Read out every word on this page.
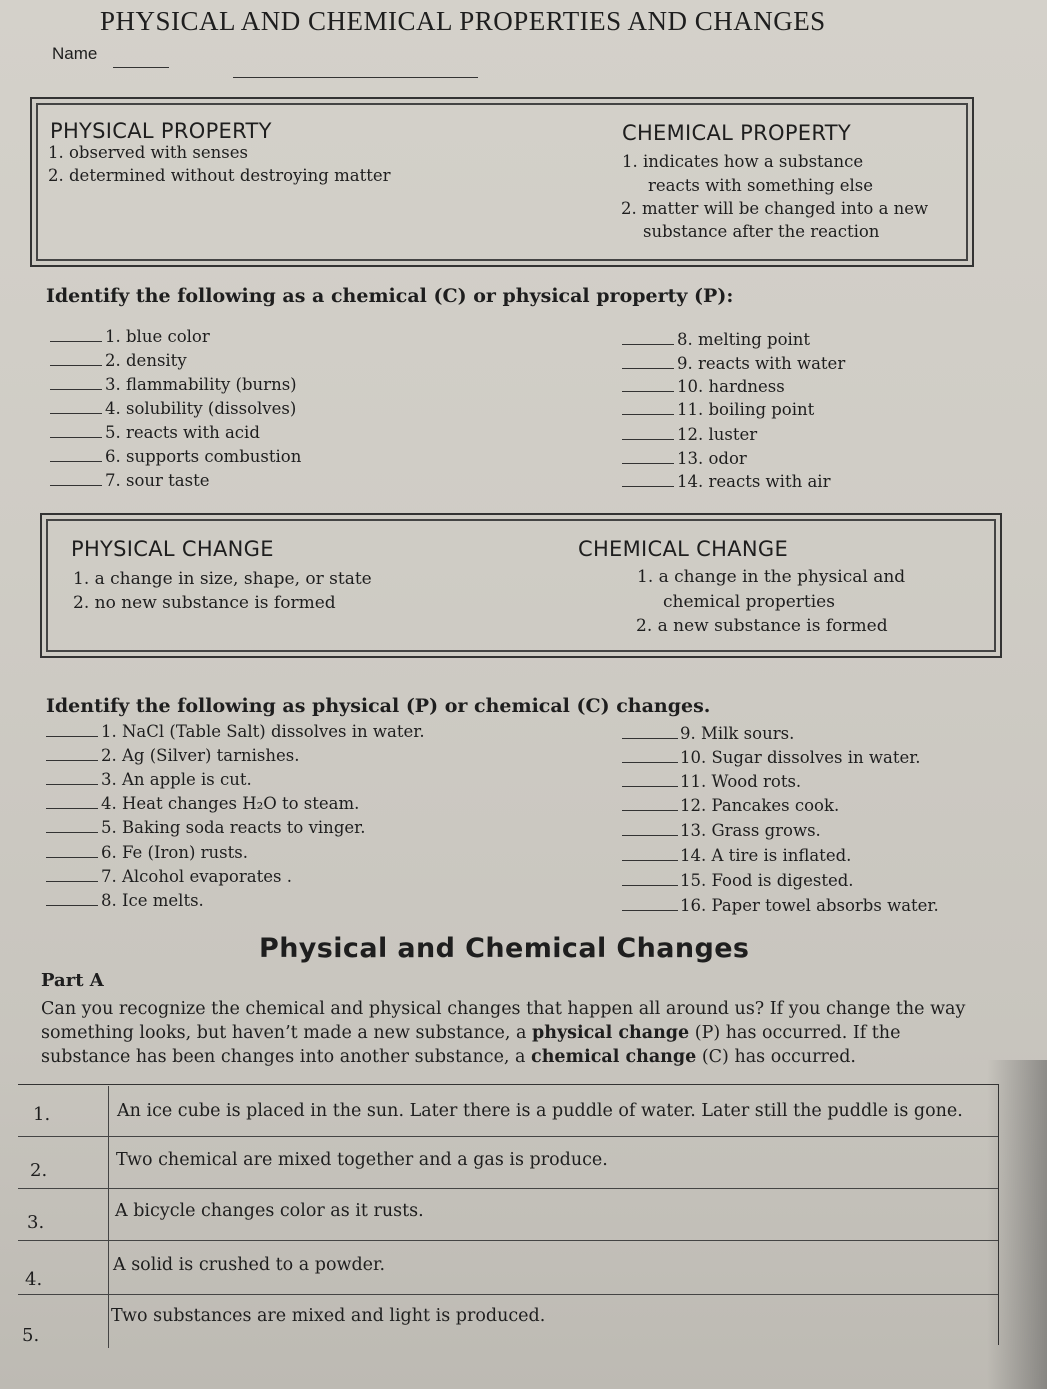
PHYSICAL AND CHEMICAL PROPERTIES AND CHANGES
Name
PHYSICAL PROPERTY
1. observed with senses
2. determined without destroying matter
CHEMICAL PROPERTY
1. indicates how a substance
reacts with something else
2. matter will be changed into a new
substance after the reaction
Identify the following as a chemical (C) or physical property (P):
1. blue color
2. density
3. flammability (burns)
4. solubility (dissolves)
5. reacts with acid
6. supports combustion
7. sour taste
8. melting point
9. reacts with water
10. hardness
11. boiling point
12. luster
13. odor
14. reacts with air
PHYSICAL CHANGE
1. a change in size, shape, or state
2. no new substance is formed
CHEMICAL CHANGE
1. a change in the physical and
chemical properties
2. a new substance is formed
Identify the following as physical (P) or chemical (C) changes.
1. NaCl (Table Salt) dissolves in water.
2. Ag (Silver) tarnishes.
3. An apple is cut.
4. Heat changes H₂O to steam.
5. Baking soda reacts to vinger.
6. Fe (Iron) rusts.
7. Alcohol evaporates .
8. Ice melts.
9. Milk sours.
10. Sugar dissolves in water.
11. Wood rots.
12. Pancakes cook.
13. Grass grows.
14. A tire is inflated.
15. Food is digested.
16. Paper towel absorbs water.
Physical and Chemical Changes
Part A
Can you recognize the chemical and physical changes that happen all around us? If you change the way something looks, but haven’t made a new substance, a physical change (P) has occurred. If the substance has been changes into another substance, a chemical change (C) has occurred.
1.	An ice cube is placed in the sun. Later there is a puddle of water. Later still the puddle is gone.
2.	Two chemical are mixed together and a gas is produce.
3.
A bicycle changes color as it rusts.
4.
A solid is crushed to a powder.
5.
Two substances are mixed and light is produced.
